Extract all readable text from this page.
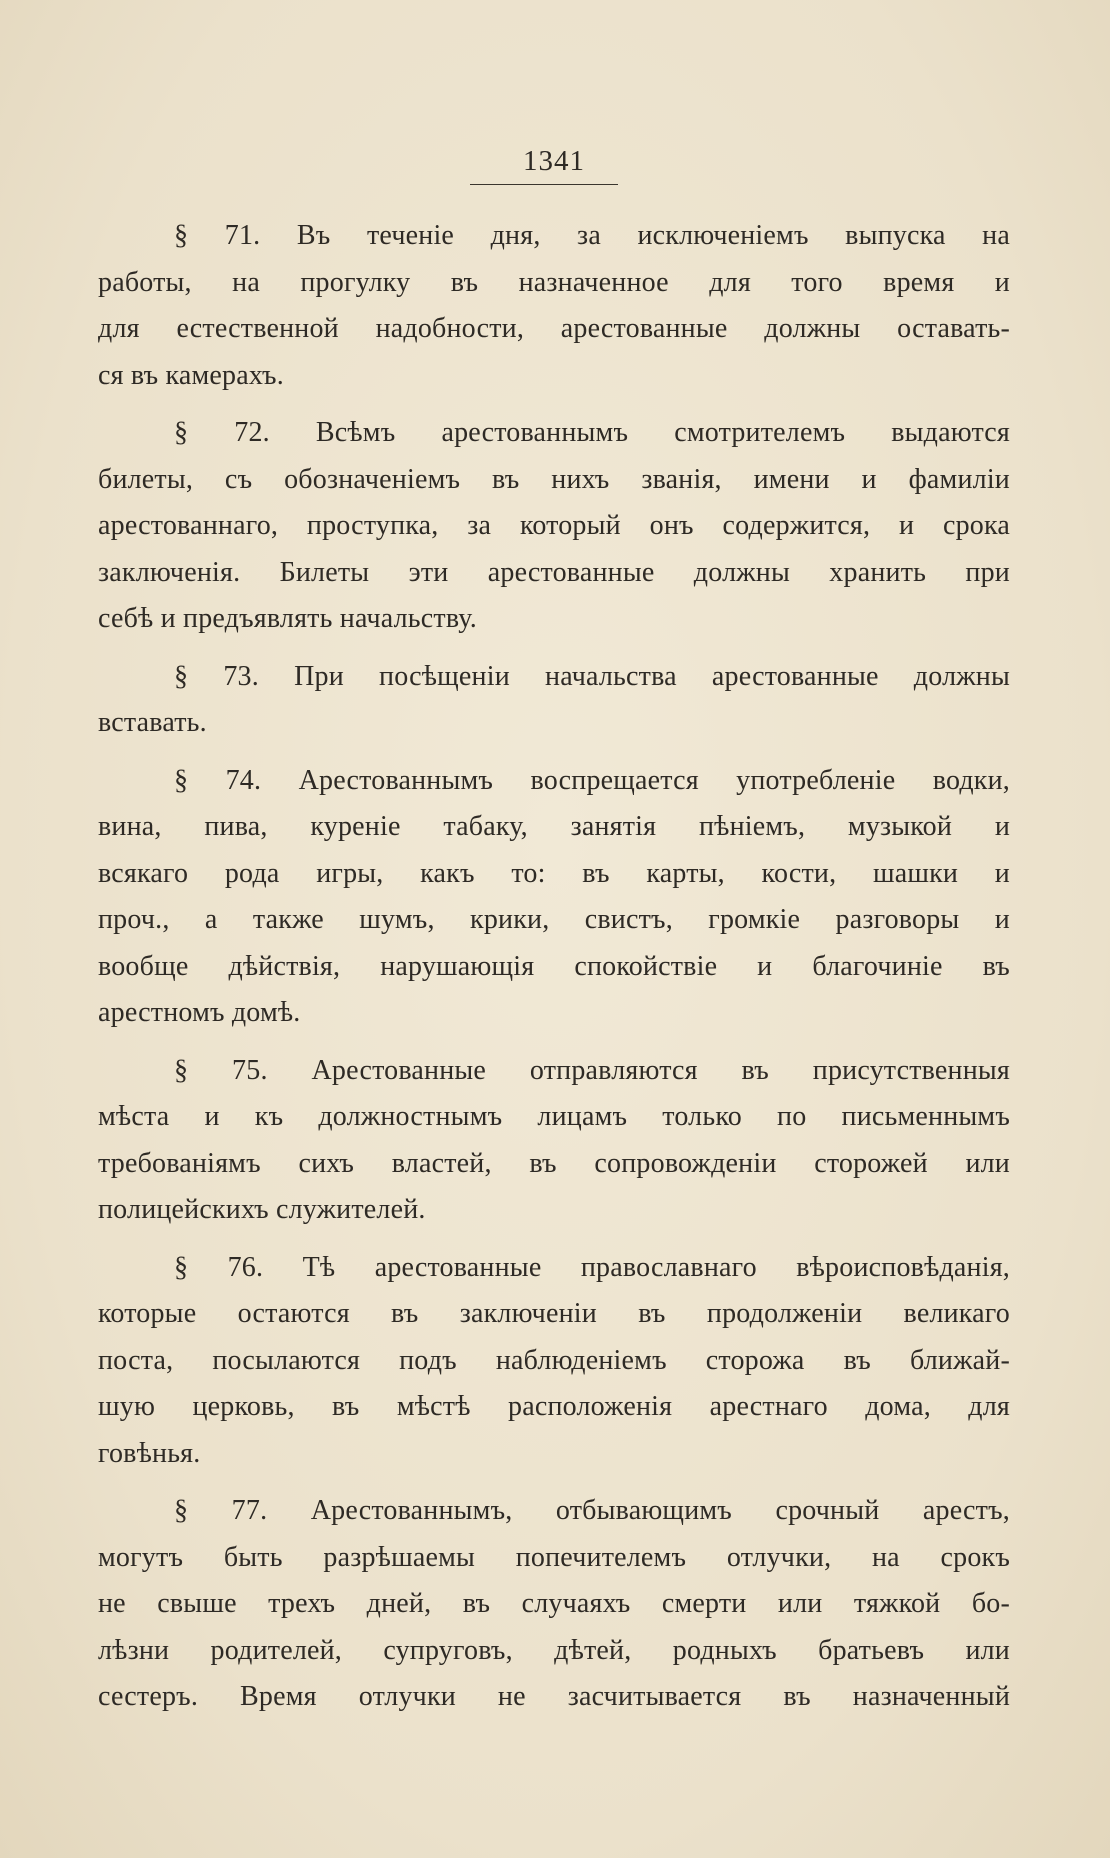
1341
§ 71. Въ теченіе дня, за исключеніемъ выпуска на
работы, на прогулку въ назначенное для того время и
для естественной надобности, арестованные должны оставать-
ся въ камерахъ.
§ 72. Всѣмъ арестованнымъ смотрителемъ выдаются
билеты, съ обозначеніемъ въ нихъ званія, имени и фамиліи
арестованнаго, проступка, за который онъ содержится, и срока
заключенія. Билеты эти арестованные должны хранить при
себѣ и предъявлять начальству.
§ 73. При посѣщеніи начальства арестованные должны
вставать.
§ 74. Арестованнымъ воспрещается употребленіе водки,
вина, пива, куреніе табаку, занятія пѣніемъ, музыкой и
всякаго рода игры, какъ то: въ карты, кости, шашки и
проч., а также шумъ, крики, свистъ, громкіе разговоры и
вообще дѣйствія, нарушающія спокойствіе и благочиніе въ
арестномъ домѣ.
§ 75. Арестованные отправляются въ присутственныя
мѣста и къ должностнымъ лицамъ только по письменнымъ
требованіямъ сихъ властей, въ сопровожденіи сторожей или
полицейскихъ служителей.
§ 76. Тѣ арестованные православнаго вѣроисповѣданія,
которые остаются въ заключеніи въ продолженіи великаго
поста, посылаются подъ наблюденіемъ сторожа въ ближай-
шую церковь, въ мѣстѣ расположенія арестнаго дома, для
говѣнья.
§ 77. Арестованнымъ, отбывающимъ срочный арестъ,
могутъ быть разрѣшаемы попечителемъ отлучки, на срокъ
не свыше трехъ дней, въ случаяхъ смерти или тяжкой бо-
лѣзни родителей, супруговъ, дѣтей, родныхъ братьевъ или
сестеръ. Время отлучки не засчитывается въ назначенный
